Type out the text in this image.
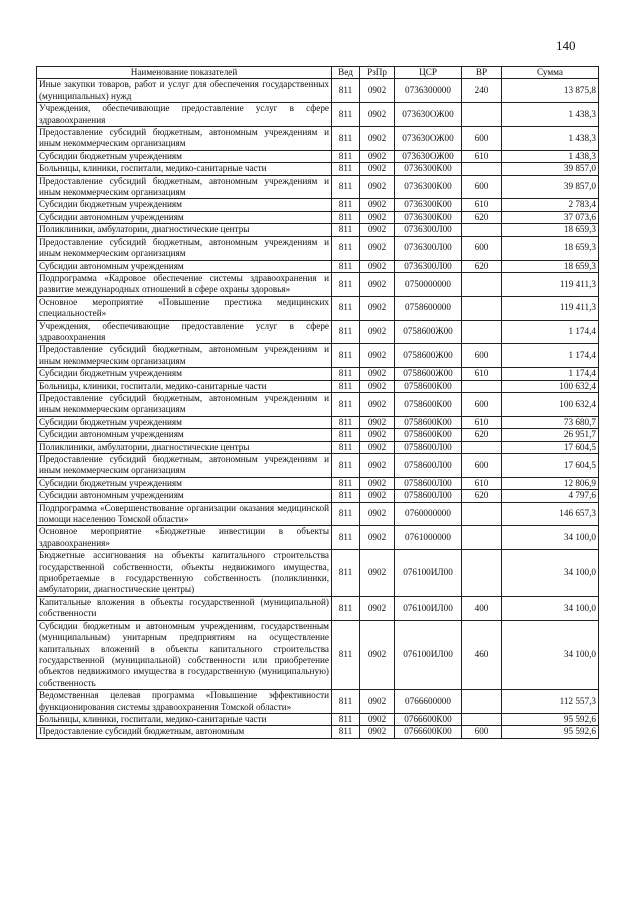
140
Наименование показателей	Вед	РзПр	ЦСР	ВР	Сумма
Иные закупки товаров, работ и услуг для обеспечения государственных (муниципальных) нужд	811	0902	0736300000	240	13 875,8
Учреждения, обеспечивающие предоставление услуг в сфере здравоохранения	811	0902	073630ОЖ00		1 438,3
Предоставление субсидий бюджетным, автономным учреждениям и иным некоммерческим организациям	811	0902	073630ОЖ00	600	1 438,3
Субсидии бюджетным учреждениям	811	0902	073630ОЖ00	610	1 438,3
Больницы, клиники, госпитали, медико-санитарные части	811	0902	0736300К00		39 857,0
Предоставление субсидий бюджетным, автономным учреждениям и иным некоммерческим организациям	811	0902	0736300К00	600	39 857,0
Субсидии бюджетным учреждениям	811	0902	0736300К00	610	2 783,4
Субсидии автономным учреждениям	811	0902	0736300К00	620	37 073,6
Поликлиники, амбулатории, диагностические центры	811	0902	0736300Л00		18 659,3
Предоставление субсидий бюджетным, автономным учреждениям и иным некоммерческим организациям	811	0902	0736300Л00	600	18 659,3
Субсидии автономным учреждениям	811	0902	0736300Л00	620	18 659,3
Подпрограмма «Кадровое обеспечение системы здравоохранения и развитие международных отношений в сфере охраны здоровья»	811	0902	0750000000		119 411,3
Основное мероприятие «Повышение престижа медицинских специальностей»	811	0902	0758600000		119 411,3
Учреждения, обеспечивающие предоставление услуг в сфере здравоохранения	811	0902	0758600Ж00		1 174,4
Предоставление субсидий бюджетным, автономным учреждениям и иным некоммерческим организациям	811	0902	0758600Ж00	600	1 174,4
Субсидии бюджетным учреждениям	811	0902	0758600Ж00	610	1 174,4
Больницы, клиники, госпитали, медико-санитарные части	811	0902	0758600К00		100 632,4
Предоставление субсидий бюджетным, автономным учреждениям и иным некоммерческим организациям	811	0902	0758600К00	600	100 632,4
Субсидии бюджетным учреждениям	811	0902	0758600К00	610	73 680,7
Субсидии автономным учреждениям	811	0902	0758600К00	620	26 951,7
Поликлиники, амбулатории, диагностические центры	811	0902	0758600Л00		17 604,5
Предоставление субсидий бюджетным, автономным учреждениям и иным некоммерческим организациям	811	0902	0758600Л00	600	17 604,5
Субсидии бюджетным учреждениям	811	0902	0758600Л00	610	12 806,9
Субсидии автономным учреждениям	811	0902	0758600Л00	620	4 797,6
Подпрограмма «Совершенствование организации оказания медицинской помощи населению Томской области»	811	0902	0760000000		146 657,3
Основное мероприятие «Бюджетные инвестиции в объекты здравоохранения»	811	0902	0761000000		34 100,0
Бюджетные ассигнования на объекты капитального строительства государственной собственности, объекты недвижимого имущества, приобретаемые в государственную собственность (поликлиники, амбулатории, диагностические центры)	811	0902	076100ИЛ00		34 100,0
Капитальные вложения в объекты государственной (муниципальной) собственности	811	0902	076100ИЛ00	400	34 100,0
Субсидии бюджетным и автономным учреждениям, государственным (муниципальным) унитарным предприятиям на осуществление капитальных вложений в объекты капитального строительства государственной (муниципальной) собственности или приобретение объектов недвижимого имущества в государственную (муниципальную) собственность	811	0902	076100ИЛ00	460	34 100,0
Ведомственная целевая программа «Повышение эффективности функционирования системы здравоохранения Томской области»	811	0902	0766600000		112 557,3
Больницы, клиники, госпитали, медико-санитарные части	811	0902	0766600К00		95 592,6
Предоставление субсидий бюджетным, автономным	811	0902	0766600К00	600	95 592,6
